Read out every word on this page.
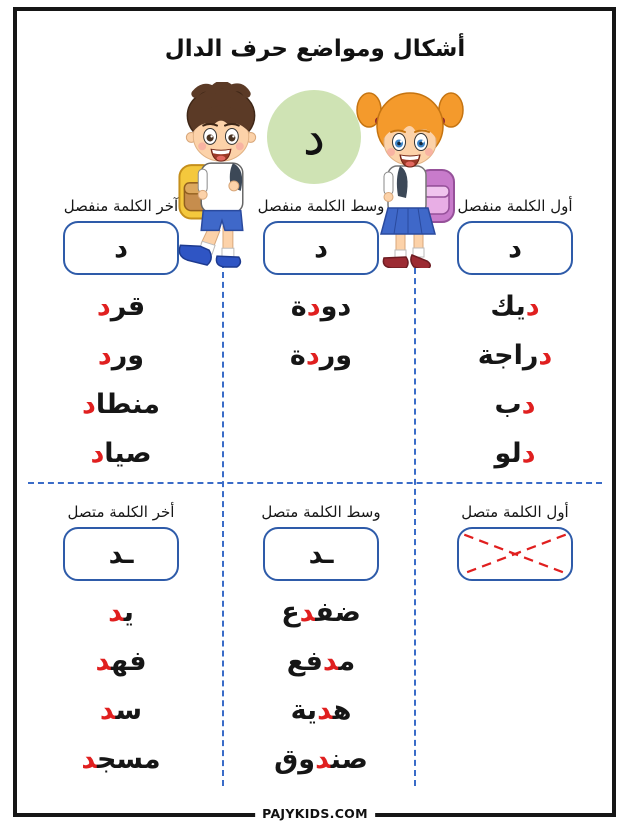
أشكال ومواضع حرف الدال
د
أول الكلمة منفصل
د
ديك
دراجة
دب
دلو
وسط الكلمة منفصل
د
دودة
وردة
آخر الكلمة منفصل
د
قرد
ورد
منطاد
صياد
أول الكلمة متصل
وسط الكلمة متصل
ـد
ضف‍‍دع
م‍‍دفع
ه‍‍دية
صن‍‍دوق
أخر الكلمة متصل
ـد
ي‍‍د
فه‍‍د
س‍‍د
مسج‍‍د
PAJYKIDS.COM
